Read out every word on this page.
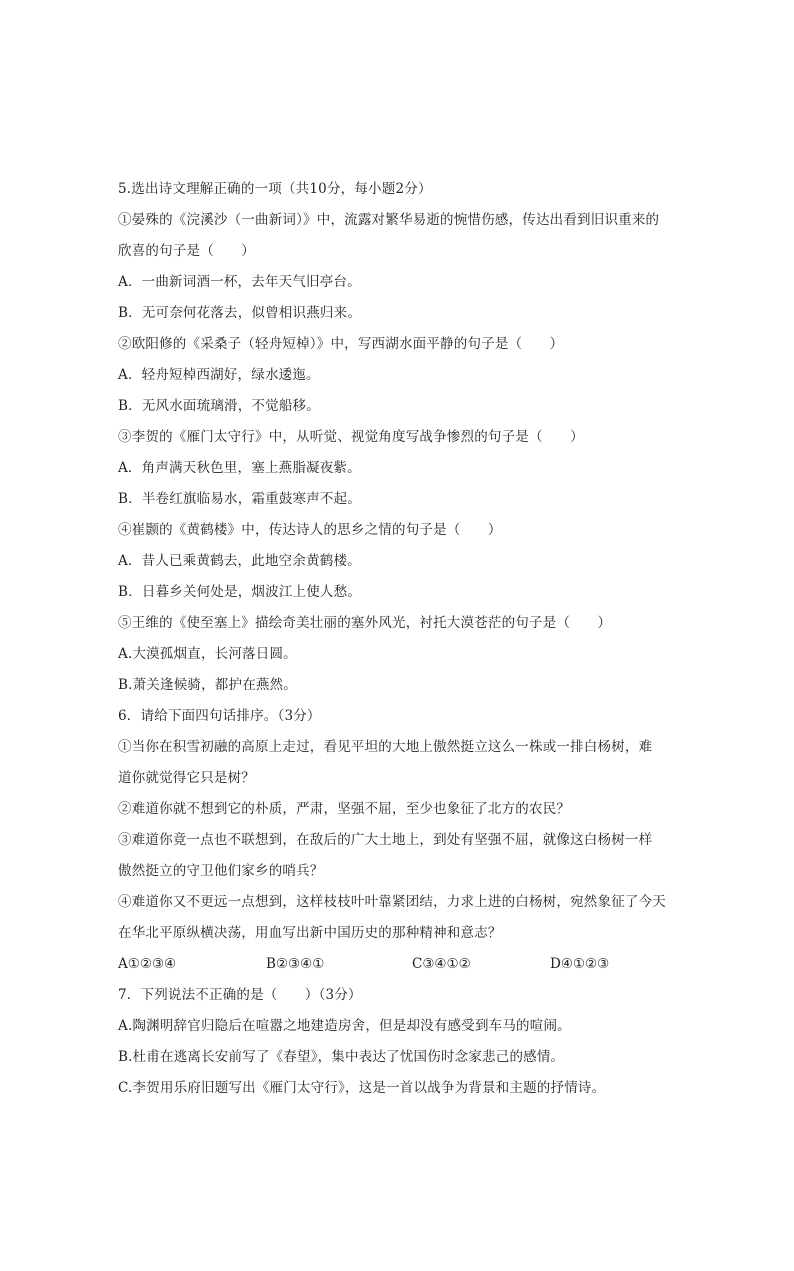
5.选出诗文理解正确的一项（共10分，每小题2分）
①晏殊的《浣溪沙（一曲新词）》中，流露对繁华易逝的惋惜伤感，传达出看到旧识重来的
欣喜的句子是（　　）
A．一曲新词酒一杯，去年天气旧亭台。
B．无可奈何花落去，似曾相识燕归来。
②欧阳修的《采桑子（轻舟短棹）》中，写西湖水面平静的句子是（　　）
A．轻舟短棹西湖好，绿水逶迤。
B．无风水面琉璃滑，不觉船移。
③李贺的《雁门太守行》中，从听觉、视觉角度写战争惨烈的句子是（　　）
A．角声满天秋色里，塞上燕脂凝夜紫。
B．半卷红旗临易水，霜重鼓寒声不起。
④崔颢的《黄鹤楼》中，传达诗人的思乡之情的句子是（　　）
A．昔人已乘黄鹤去，此地空余黄鹤楼。
B．日暮乡关何处是，烟波江上使人愁。
⑤王维的《使至塞上》描绘奇美壮丽的塞外风光，衬托大漠苍茫的句子是（　　）
A.大漠孤烟直，长河落日圆。
B.萧关逢候骑，都护在燕然。
6．请给下面四句话排序。（3分）
①当你在积雪初融的高原上走过，看见平坦的大地上傲然挺立这么一株或一排白杨树，难
道你就觉得它只是树？
②难道你就不想到它的朴质，严肃，坚强不屈，至少也象征了北方的农民？
③难道你竟一点也不联想到，在敌后的广大土地上，到处有坚强不屈，就像这白杨树一样
傲然挺立的守卫他们家乡的哨兵？
④难道你又不更远一点想到，这样枝枝叶叶靠紧团结，力求上进的白杨树，宛然象征了今天
在华北平原纵横决荡，用血写出新中国历史的那种精神和意志？
A①②③④	B②③④①	C③④①②	D④①②③
7．下列说法不正确的是（　　）（3分）
A.陶渊明辞官归隐后在喧嚣之地建造房舍，但是却没有感受到车马的喧闹。
B.杜甫在逃离长安前写了《春望》，集中表达了忧国伤时念家悲己的感情。
C.李贺用乐府旧题写出《雁门太守行》，这是一首以战争为背景和主题的抒情诗。
